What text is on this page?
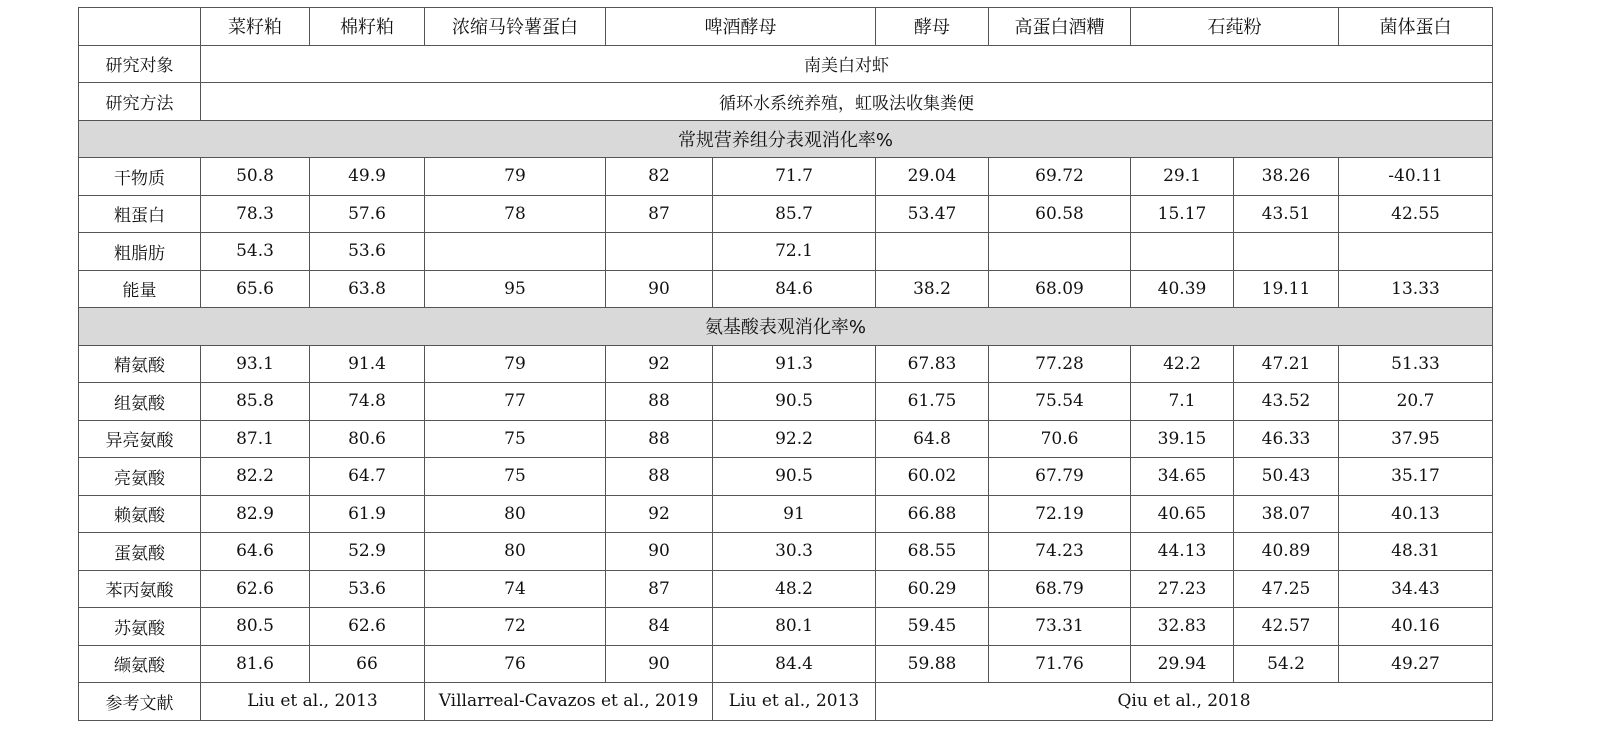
	菜籽粕	棉籽粕	浓缩马铃薯蛋白	啤酒酵母		酵母	高蛋白酒糟	石莼粉		菌体蛋白
研究对象	南美白对虾									
研究方法	循环水系统养殖，虹吸法收集粪便									
常规营养组分表观消化率%										
干物质	50.8	49.9	79	82	71.7	29.04	69.72	29.1	38.26	-40.11
粗蛋白	78.3	57.6	78	87	85.7	53.47	60.58	15.17	43.51	42.55
粗脂肪	54.3	53.6			72.1					
能量	65.6	63.8	95	90	84.6	38.2	68.09	40.39	19.11	13.33
氨基酸表观消化率%										
精氨酸	93.1	91.4	79	92	91.3	67.83	77.28	42.2	47.21	51.33
组氨酸	85.8	74.8	77	88	90.5	61.75	75.54	7.1	43.52	20.7
异亮氨酸	87.1	80.6	75	88	92.2	64.8	70.6	39.15	46.33	37.95
亮氨酸	82.2	64.7	75	88	90.5	60.02	67.79	34.65	50.43	35.17
赖氨酸	82.9	61.9	80	92	91	66.88	72.19	40.65	38.07	40.13
蛋氨酸	64.6	52.9	80	90	30.3	68.55	74.23	44.13	40.89	48.31
苯丙氨酸	62.6	53.6	74	87	48.2	60.29	68.79	27.23	47.25	34.43
苏氨酸	80.5	62.6	72	84	80.1	59.45	73.31	32.83	42.57	40.16
缬氨酸	81.6	66	76	90	84.4	59.88	71.76	29.94	54.2	49.27
参考文献	Liu et al., 2013		Villarreal-Cavazos et al., 2019		Liu et al., 2013	Qiu et al., 2018				
